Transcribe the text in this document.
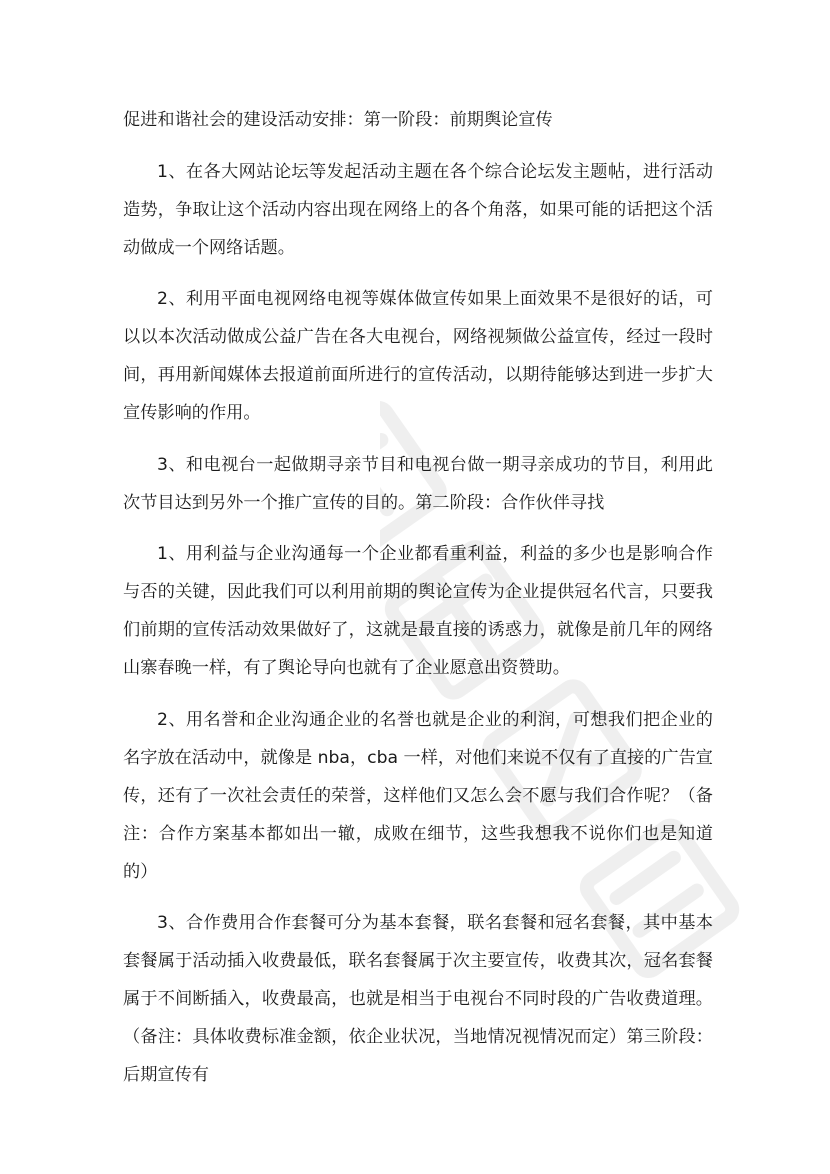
促进和谐社会的建设活动安排：第一阶段：前期舆论宣传

1、在各大网站论坛等发起活动主题在各个综合论坛发主题帖，进行活动造势，争取让这个活动内容出现在网络上的各个角落，如果可能的话把这个活动做成一个网络话题。

2、利用平面电视网络电视等媒体做宣传如果上面效果不是很好的话，可以以本次活动做成公益广告在各大电视台，网络视频做公益宣传，经过一段时间，再用新闻媒体去报道前面所进行的宣传活动，以期待能够达到进一步扩大宣传影响的作用。

3、和电视台一起做期寻亲节目和电视台做一期寻亲成功的节目，利用此次节目达到另外一个推广宣传的目的。第二阶段：合作伙伴寻找

1、用利益与企业沟通每一个企业都看重利益，利益的多少也是影响合作与否的关键，因此我们可以利用前期的舆论宣传为企业提供冠名代言，只要我们前期的宣传活动效果做好了，这就是最直接的诱惑力，就像是前几年的网络山寨春晚一样，有了舆论导向也就有了企业愿意出资赞助。

2、用名誉和企业沟通企业的名誉也就是企业的利润，可想我们把企业的名字放在活动中，就像是 nba，cba 一样，对他们来说不仅有了直接的广告宣传，还有了一次社会责任的荣誉，这样他们又怎么会不愿与我们合作呢？（备注：合作方案基本都如出一辙，成败在细节，这些我想我不说你们也是知道的）

3、合作费用合作套餐可分为基本套餐，联名套餐和冠名套餐，其中基本套餐属于活动插入收费最低，联名套餐属于次主要宣传，收费其次，冠名套餐属于不间断插入，收费最高，也就是相当于电视台不同时段的广告收费道理。（备注：具体收费标准金额，依企业状况，当地情况视情况而定）第三阶段：后期宣传有
